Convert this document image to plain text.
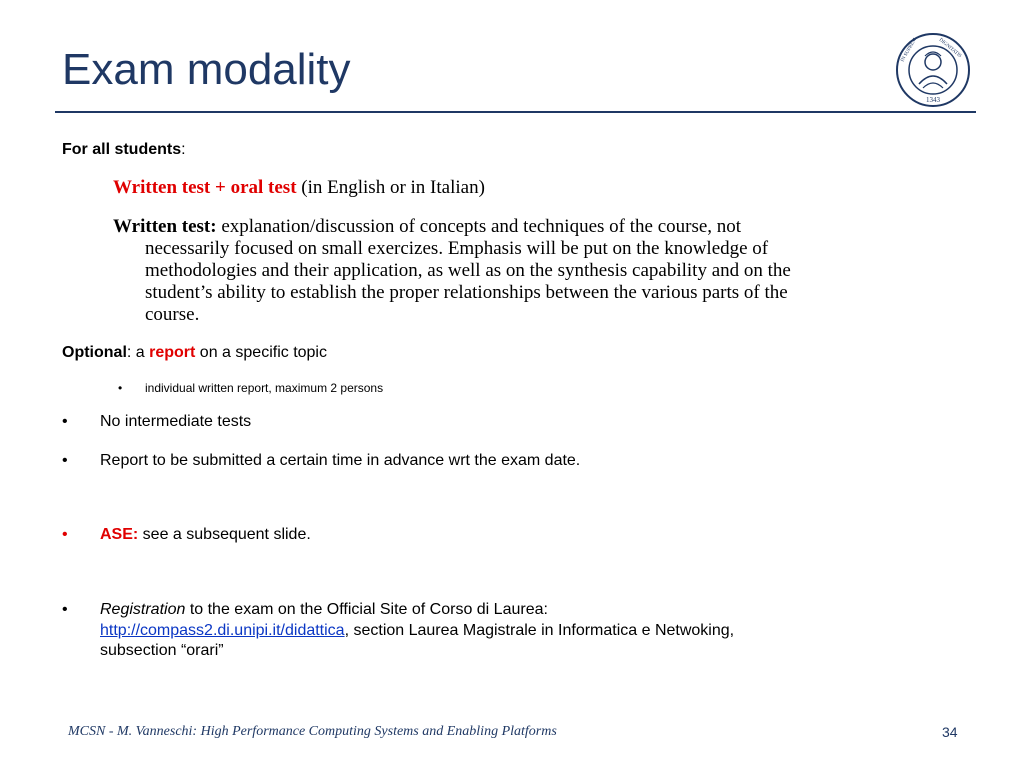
Exam modality
1343
IN SUPREM	DIGNITATIS
For all students:
Written test + oral test (in English or in Italian)
Written test: explanation/discussion of concepts and techniques of the course, not
necessarily focused on small exercizes. Emphasis will be put on the knowledge of
methodologies and their application, as well as on the synthesis capability and on the
student’s ability to establish the proper relationships between the various parts of the
course.
Optional: a report on a specific topic
• individual written report, maximum 2 persons
• No intermediate tests
• Report to be submitted a certain time in advance wrt the exam date.
• ASE: see a subsequent slide.
• Registration to the exam on the Official Site of Corso di Laurea:
http://compass2.di.unipi.it/didattica, section Laurea Magistrale in Informatica e Netwoking,
subsection “orari”
MCSN - M. Vanneschi: High Performance Computing Systems and Enabling Platforms	34
